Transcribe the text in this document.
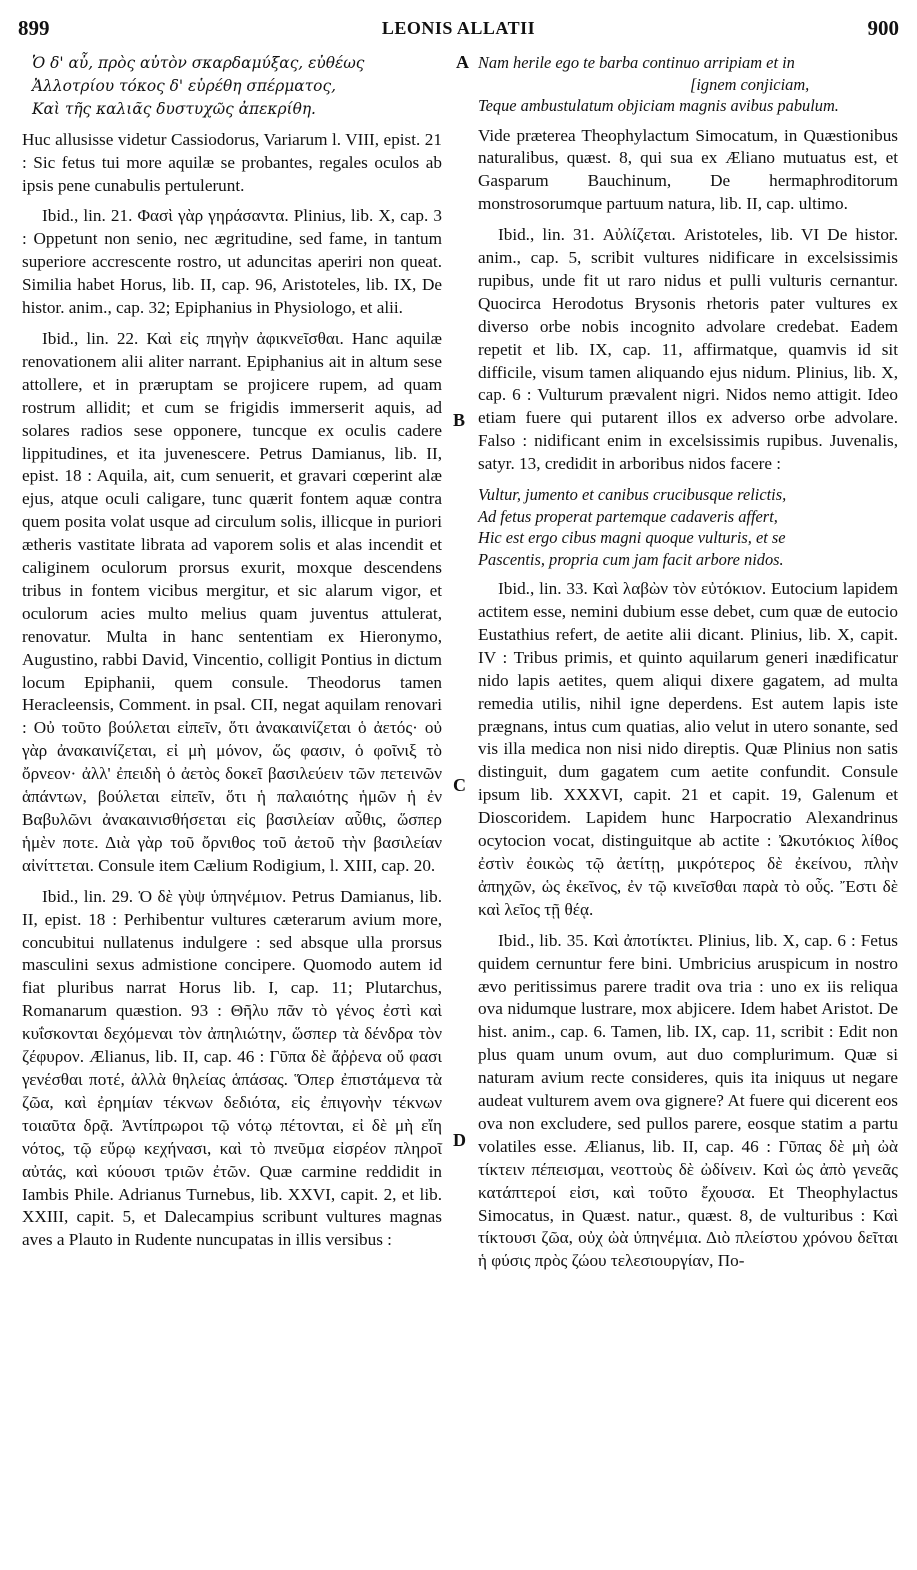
899	LEONIS ALLATII	900
Ὁ δ' αὖ, πρὸς αὐτὸν σκαρδαμύξας, εὐθέως
Ἀλλοτρίου τόκος δ' εὑρέθη σπέρματος,
Καὶ τῆς καλιᾶς δυστυχῶς ἀπεκρίθη.

Huc allusisse videtur Cassiodorus, Variarum l. VIII, epist. 21 : Sic fetus tui more aquilæ se probantes, regales oculos ab ipsis pene cunabulis pertulerunt.

Ibid., lin. 21. Φασὶ γὰρ γηράσαντα. Plinius, lib. X, cap. 3 : Oppetunt non senio, nec ægritudine, sed fame, in tantum superiore accrescente rostro, ut aduncitas aperiri non queat. Similia habet Horus, lib. II, cap. 96, Aristoteles, lib. IX, De histor. anim., cap. 32; Epiphanius in Physiologo, et alii.

Ibid., lin. 22. Καὶ εἰς πηγὴν ἀφικνεῖσθαι. Hanc aquilæ renovationem alii aliter narrant. Epiphanius ait in altum sese attollere, et in præruptam se projicere rupem, ad quam rostrum allidit; et cum se frigidis immerserit aquis, ad solares radios sese opponere, tuncque ex oculis cadere lippitudines, et ita juvenescere. Petrus Damianus, lib. II, epist. 18 : Aquila, ait, cum senuerit, et gravari cœperint alæ ejus, atque oculi caligare, tunc quærit fontem aquæ contra quem posita volat usque ad circulum solis, illicque in puriori ætheris vastitate librata ad vaporem solis et alas incendit et caliginem oculorum prorsus exurit, moxque descendens tribus in fontem vicibus mergitur, et sic alarum vigor, et oculorum acies multo melius quam juventus attulerat, renovatur. Multa in hanc sententiam ex Hieronymo, Augustino, rabbi David, Vincentio, colligit Pontius in dictum locum Epiphanii, quem consule. Theodorus tamen Heracleensis, Comment. in psal. CII, negat aquilam renovari : Οὐ τοῦτο βούλεται εἰπεῖν, ὅτι ἀνακαινίζεται ὁ ἀετός· οὐ γὰρ ἀνακαινίζεται, εἰ μὴ μόνον, ὥς φασιν, ὁ φοῖνιξ τὸ ὄρνεον· ἀλλ' ἐπειδὴ ὁ ἀετὸς δοκεῖ βασιλεύειν τῶν πετεινῶν ἁπάντων, βούλεται εἰπεῖν, ὅτι ἡ παλαιότης ἡμῶν ἡ ἐν Βαβυλῶνι ἀνακαινισθήσεται εἰς βασιλείαν αὖθις, ὥσπερ ἡμὲν ποτε. Διὰ γὰρ τοῦ ὄρνιθος τοῦ ἀετοῦ τὴν βασιλείαν αἰνίττεται. Consule item Cælium Rodigium, l. XIII, cap. 20.

Ibid., lin. 29. Ὁ δὲ γὺψ ὑπηνέμιον. Petrus Damianus, lib. II, epist. 18 : Perhibentur vultures cæterarum avium more, concubitui nullatenus indulgere : sed absque ulla prorsus masculini sexus admistione concipere. Quomodo autem id fiat pluribus narrat Horus lib. I, cap. 11; Plutarchus, Romanarum quæstion. 93 : Θῆλυ πᾶν τὸ γένος ἐστὶ καὶ κυΐσκονται δεχόμεναι τὸν ἀπηλιώτην, ὥσπερ τὰ δένδρα τὸν ζέφυρον. Ælianus, lib. II, cap. 46 : Γῦπα δὲ ἄῤῥενα οὔ φασι γενέσθαι ποτέ, ἀλλὰ θηλείας ἁπάσας. Ὅπερ ἐπιστάμενα τὰ ζῶα, καὶ ἐρημίαν τέκνων δεδιότα, εἰς ἐπιγονὴν τέκνων τοιαῦτα δρᾷ. Ἀντίπρωροι τῷ νότῳ πέτονται, εἰ δὲ μὴ εἴη νότος, τῷ εὔρῳ κεχήνασι, καὶ τὸ πνεῦμα εἰσρέον πληροῖ αὐτάς, καὶ κύουσι τριῶν ἐτῶν. Quæ carmine reddidit in Iambis Phile. Adrianus Turnebus, lib. XXVI, capit. 2, et lib. XXIII, capit. 5, et Dalecampius scribunt vultures magnas aves a Plauto in Rudente nuncupatas in illis versibus :

Nam herile ego te barba continuo arripiam et in
[ignem conjiciam,
Teque ambustulatum objiciam magnis avibus pabulum.

Vide præterea Theophylactum Simocatum, in Quæstionibus naturalibus, quæst. 8, qui sua ex Æliano mutuatus est, et Gasparum Bauchinum, De hermaphroditorum monstrosorumque partuum natura, lib. II, cap. ultimo.

Ibid., lin. 31. Αὐλίζεται. Aristoteles, lib. VI De histor. anim., cap. 5, scribit vultures nidificare in excelsissimis rupibus, unde fit ut raro nidus et pulli vulturis cernantur. Quocirca Herodotus Brysonis rhetoris pater vultures ex diverso orbe nobis incognito advolare credebat. Eadem repetit et lib. IX, cap. 11, affirmatque, quamvis id sit difficile, visum tamen aliquando ejus nidum. Plinius, lib. X, cap. 6 : Vulturum prævalent nigri. Nidos nemo attigit. Ideo etiam fuere qui putarent illos ex adverso orbe advolare. Falso : nidificant enim in excelsissimis rupibus. Juvenalis, satyr. 13, credidit in arboribus nidos facere :

Vultur, jumento et canibus crucibusque relictis,
Ad fetus properat partemque cadaveris affert,
Hic est ergo cibus magni quoque vulturis, et se
Pascentis, propria cum jam facit arbore nidos.

Ibid., lin. 33. Καὶ λαβὼν τὸν εὐτόκιον. Eutocium lapidem actitem esse, nemini dubium esse debet, cum quæ de eutocio Eustathius refert, de aetite alii dicant. Plinius, lib. X, capit. IV : Tribus primis, et quinto aquilarum generi inædificatur nido lapis aetites, quem aliqui dixere gagatem, ad multa remedia utilis, nihil igne deperdens. Est autem lapis iste prægnans, intus cum quatias, alio velut in utero sonante, sed vis illa medica non nisi nido direptis. Quæ Plinius non satis distinguit, dum gagatem cum aetite confundit. Consule ipsum lib. XXXVI, capit. 21 et capit. 19, Galenum et Dioscoridem. Lapidem hunc Harpocratio Alexandrinus ocytocion vocat, distinguitque ab actite : Ὠκυτόκιος λίθος ἐστὶν ἐοικὼς τῷ ἀετίτῃ, μικρότερος δὲ ἐκείνου, πλὴν ἀπηχῶν, ὡς ἐκεῖνος, ἐν τῷ κινεῖσθαι παρὰ τὸ οὖς. Ἔστι δὲ καὶ λεῖος τῇ θέᾳ.

Ibid., lib. 35. Καὶ ἀποτίκτει. Plinius, lib. X, cap. 6 : Fetus quidem cernuntur fere bini. Umbricius aruspicum in nostro ævo peritissimus parere tradit ova tria : uno ex iis reliqua ova nidumque lustrare, mox abjicere. Idem habet Aristot. De hist. anim., cap. 6. Tamen, lib. IX, cap. 11, scribit : Edit non plus quam unum ovum, aut duo complurimum. Quæ si naturam avium recte consideres, quis ita iniquus ut negare audeat vulturem avem ova gignere? At fuere qui dicerent eos ova non excludere, sed pullos parere, eosque statim a partu volatiles esse. Ælianus, lib. II, cap. 46 : Γῦπας δὲ μὴ ὠὰ τίκτειν πέπεισμαι, νεοττοὺς δὲ ὠδίνειν. Καὶ ὡς ἀπὸ γενεᾶς κατάπτεροί εἰσι, καὶ τοῦτο ἔχουσα. Et Theophylactus Simocatus, in Quæst. natur., quæst. 8, de vulturibus : Καὶ τίκτουσι ζῶα, οὐχ ὠὰ ὑπηνέμια. Διὸ πλείστου χρόνου δεῖται ἡ φύσις πρὸς ζώου τελεσιουργίαν, Πο-

A
B
C
D
